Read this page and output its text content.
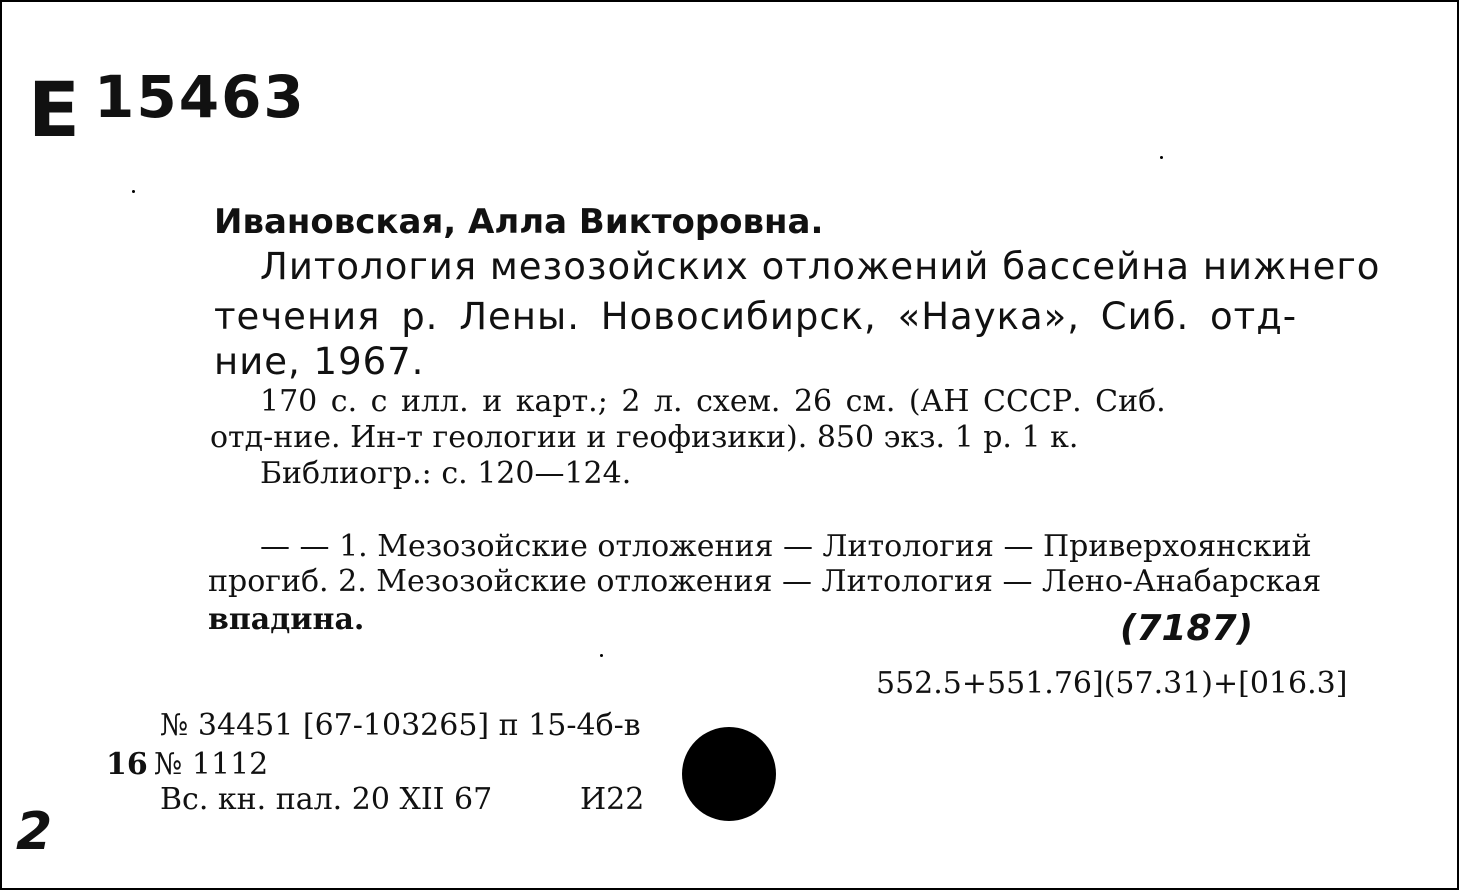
E 15463
Ивановская, Алла Викторовна.
Литология мезозойских отложений бассейна нижнего
течения р. Лены. Новосибирск, «Наука», Сиб. отд-
ние, 1967.
170 с. с илл. и карт.; 2 л. схем. 26 см. (АН СССР. Сиб.
отд-ние. Ин-т геологии и геофизики). 850 экз. 1 р. 1 к.
Библиогр.: с. 120—124.
— — 1. Мезозойские отложения — Литология — Приверхоянский
прогиб. 2. Мезозойские отложения — Литология — Лено-Анабарская
впадина.	(7187)
552.5+551.76](57.31)+[016.3]
№ 34451 [67-103265] п 15-4б-в
16 № 1112
Вс. кн. пал. 20 XII 67	И22
2
